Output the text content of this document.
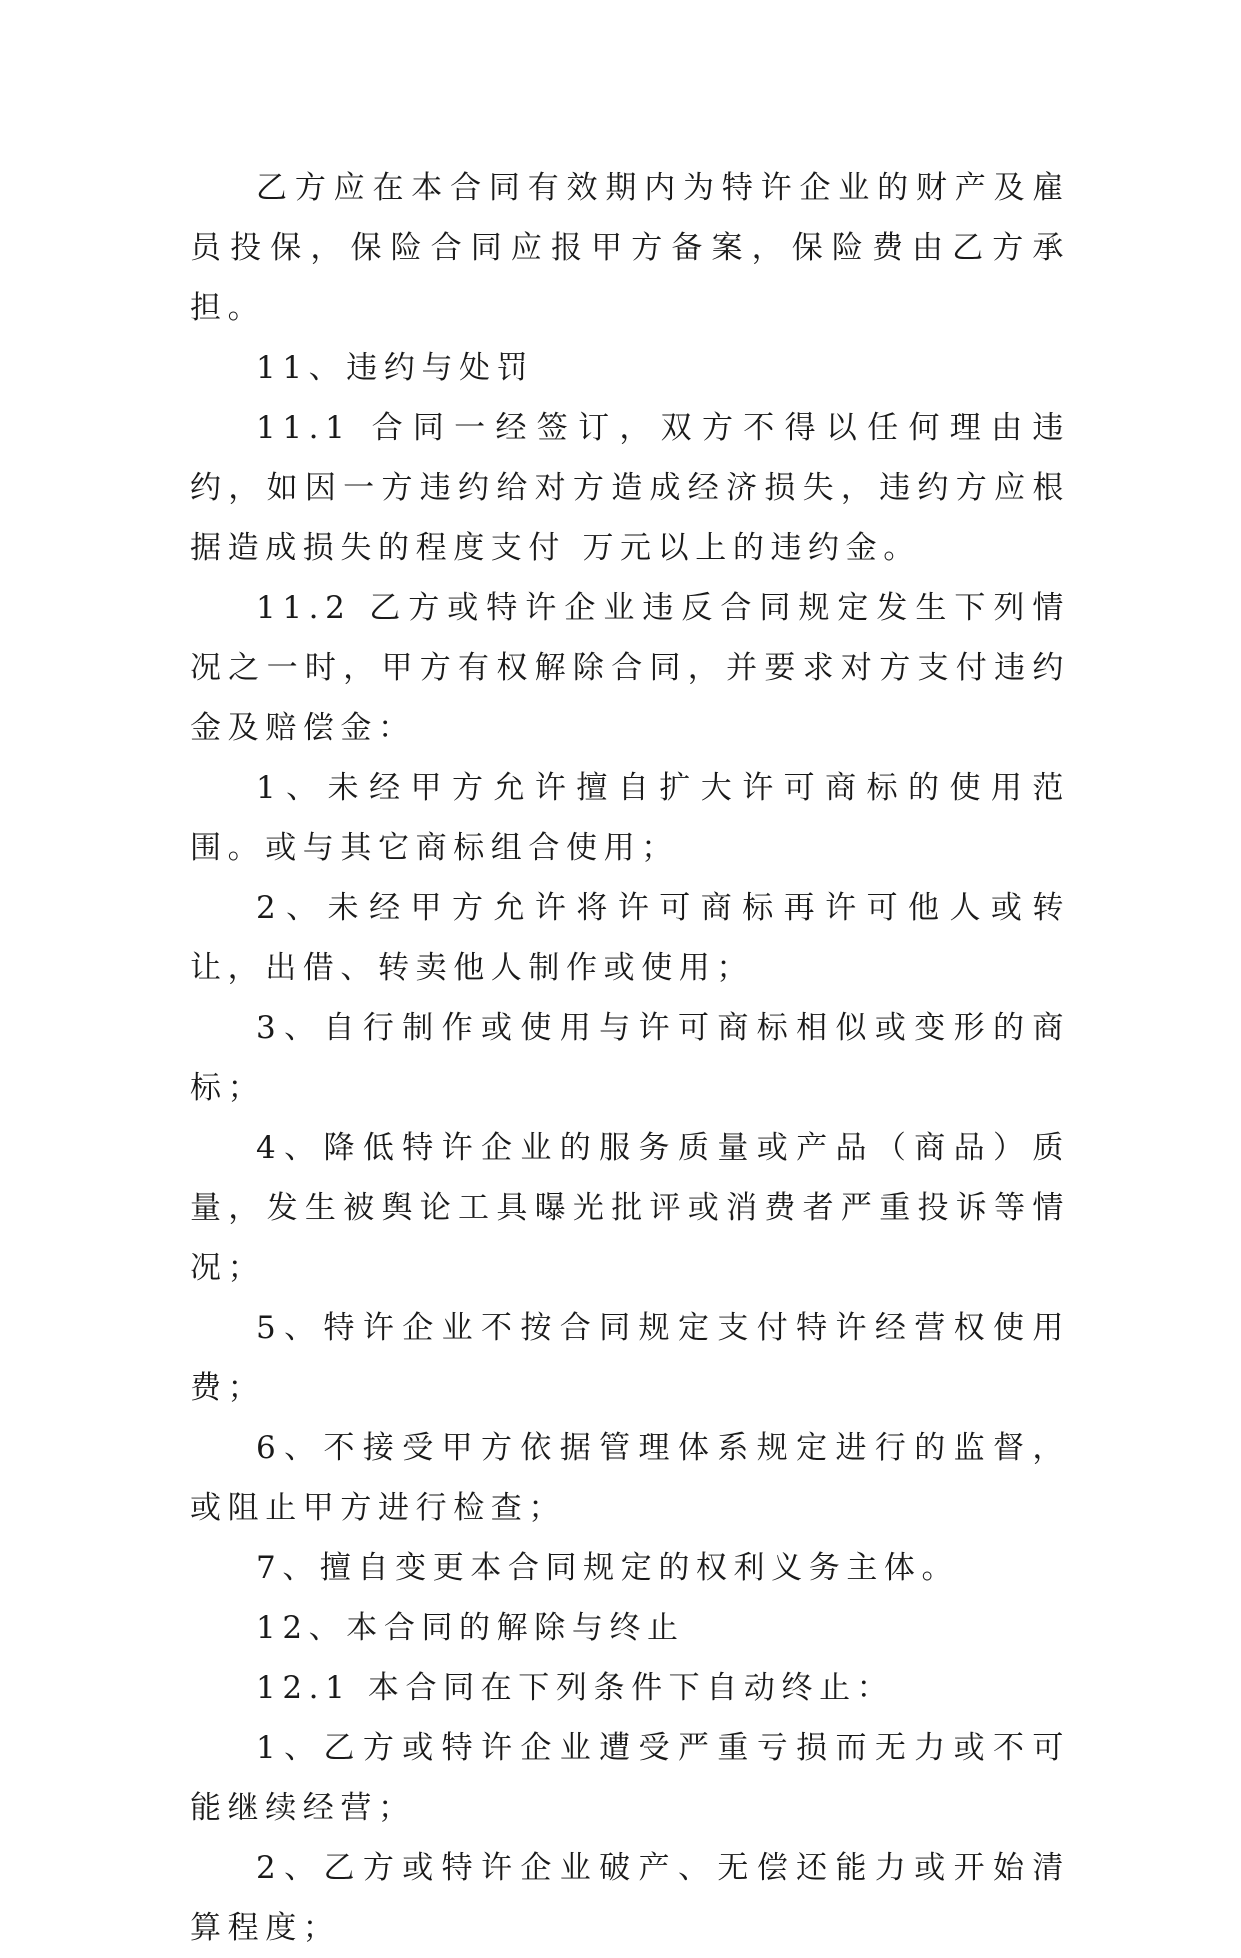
乙方应在本合同有效期内为特许企业的财产及雇员投保，保险合同应报甲方备案，保险费由乙方承担。

11、违约与处罚

11.1 合同一经签订，双方不得以任何理由违约，如因一方违约给对方造成经济损失，违约方应根据造成损失的程度支付 万元以上的违约金。

11.2 乙方或特许企业违反合同规定发生下列情况之一时，甲方有权解除合同，并要求对方支付违约金及赔偿金：

1、未经甲方允许擅自扩大许可商标的使用范围。或与其它商标组合使用；

2、未经甲方允许将许可商标再许可他人或转让，出借、转卖他人制作或使用；

3、自行制作或使用与许可商标相似或变形的商标；

4、降低特许企业的服务质量或产品（商品）质量，发生被舆论工具曝光批评或消费者严重投诉等情况；

5、特许企业不按合同规定支付特许经营权使用费；

6、不接受甲方依据管理体系规定进行的监督，或阻止甲方进行检查；

7、擅自变更本合同规定的权利义务主体。

12、本合同的解除与终止

12.1 本合同在下列条件下自动终止：

1、乙方或特许企业遭受严重亏损而无力或不可能继续经营；

2、乙方或特许企业破产、无偿还能力或开始清算程度；
